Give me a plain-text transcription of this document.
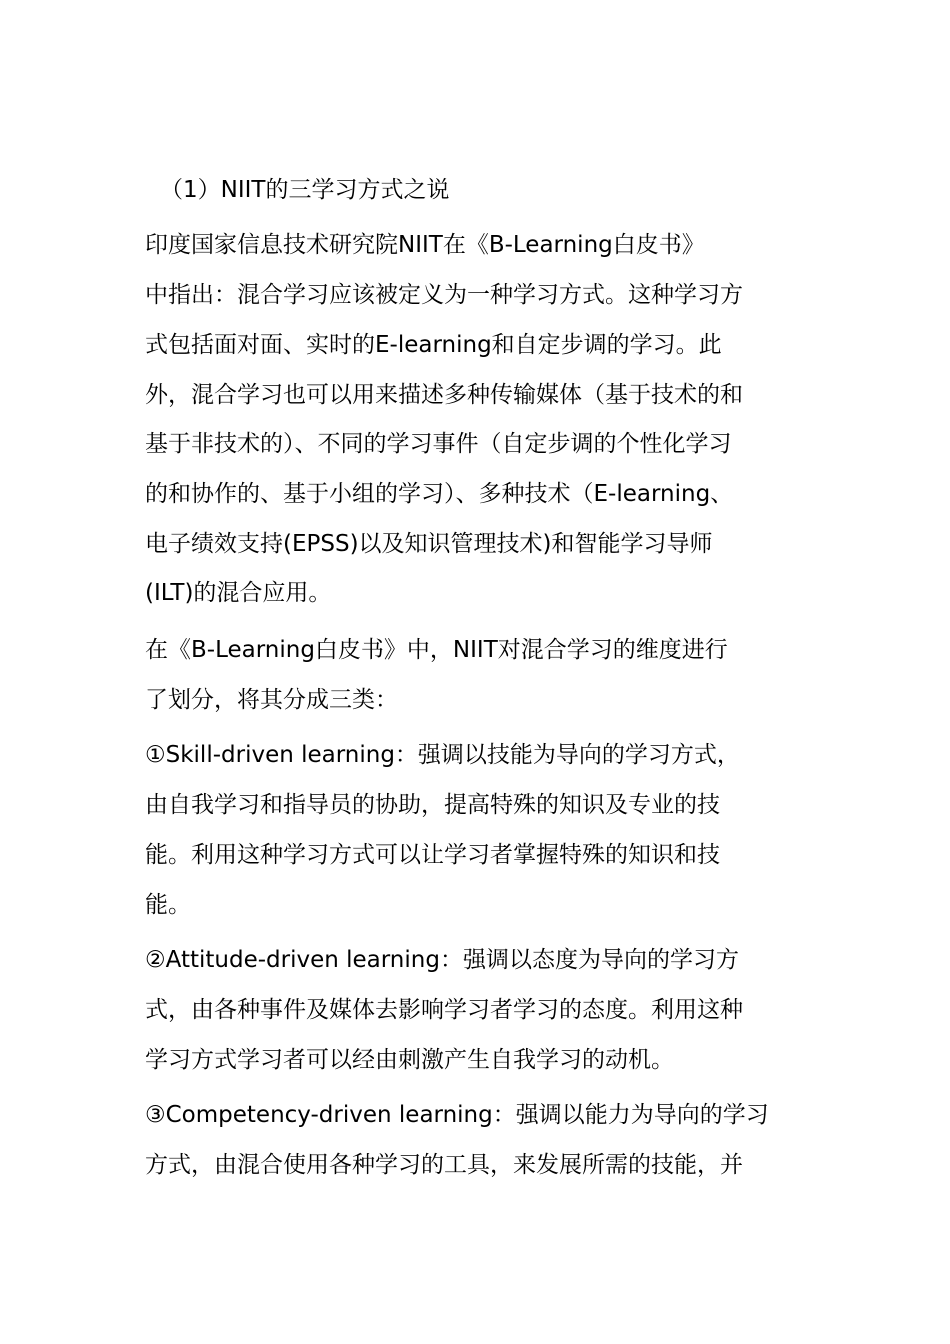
（1）NIIT的三学习方式之说
印度国家信息技术研究院NIIT在《B-Learning白皮书》
中指出：混合学习应该被定义为一种学习方式。这种学习方
式包括面对面、实时的E-learning和自定步调的学习。此
外，混合学习也可以用来描述多种传输媒体（基于技术的和
基于非技术的）、不同的学习事件（自定步调的个性化学习
的和协作的、基于小组的学习）、多种技术（E-learning、
电子绩效支持(EPSS)以及知识管理技术)和智能学习导师
(ILT)的混合应用。
在《B-Learning白皮书》中，NIIT对混合学习的维度进行
了划分，将其分成三类：
①Skill-driven learning：强调以技能为导向的学习方式，
由自我学习和指导员的协助，提高特殊的知识及专业的技
能。利用这种学习方式可以让学习者掌握特殊的知识和技
能。
②Attitude-driven learning：强调以态度为导向的学习方
式，由各种事件及媒体去影响学习者学习的态度。利用这种
学习方式学习者可以经由刺激产生自我学习的动机。
③Competency-driven learning：强调以能力为导向的学习
方式，由混合使用各种学习的工具，来发展所需的技能，并
